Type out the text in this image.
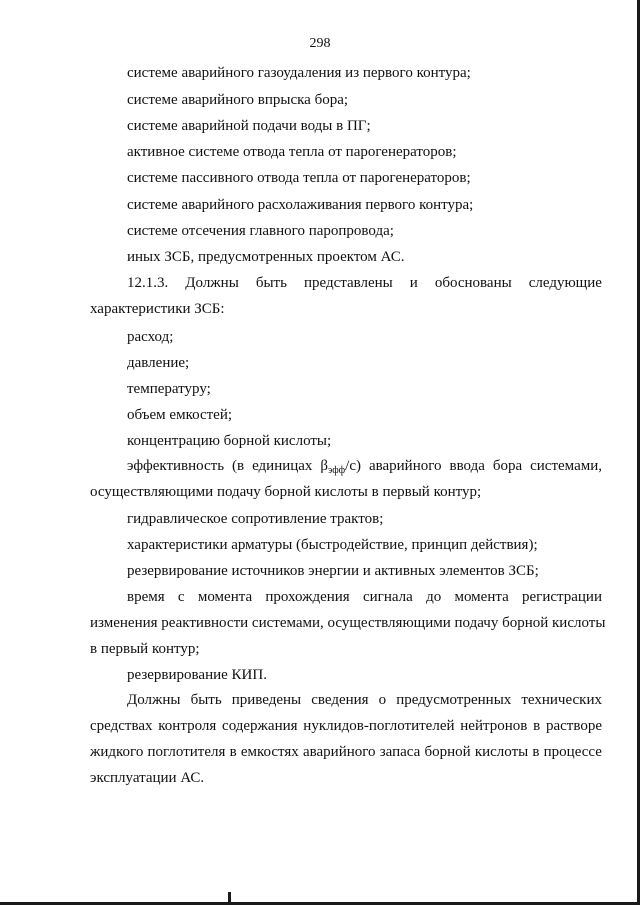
298
системе аварийного газоудаления из первого контура;
системе аварийного впрыска бора;
системе аварийной подачи воды в ПГ;
активное системе отвода тепла от парогенераторов;
системе пассивного отвода тепла от парогенераторов;
системе аварийного расхолаживания первого контура;
системе отсечения главного паропровода;
иных ЗСБ, предусмотренных проектом АС.
12.1.3. Должны быть представлены и обоснованы следующие
характеристики ЗСБ:
расход;
давление;
температуру;
объем емкостей;
концентрацию борной кислоты;
эффективность (в единицах $\beta_{эфф}/с$) аварийного ввода бора системами,
осуществляющими подачу борной кислоты в первый контур;
гидравлическое сопротивление трактов;
характеристики арматуры (быстродействие, принцип действия);
резервирование источников энергии и активных элементов ЗСБ;
время с момента прохождения сигнала до момента регистрации
изменения реактивности системами, осуществляющими подачу борной кислоты
в первый контур;
резервирование КИП.
Должны быть приведены сведения о предусмотренных технических
средствах контроля содержания нуклидов-поглотителей нейтронов в растворе
жидкого поглотителя в емкостях аварийного запаса борной кислоты в процессе
эксплуатации АС.
